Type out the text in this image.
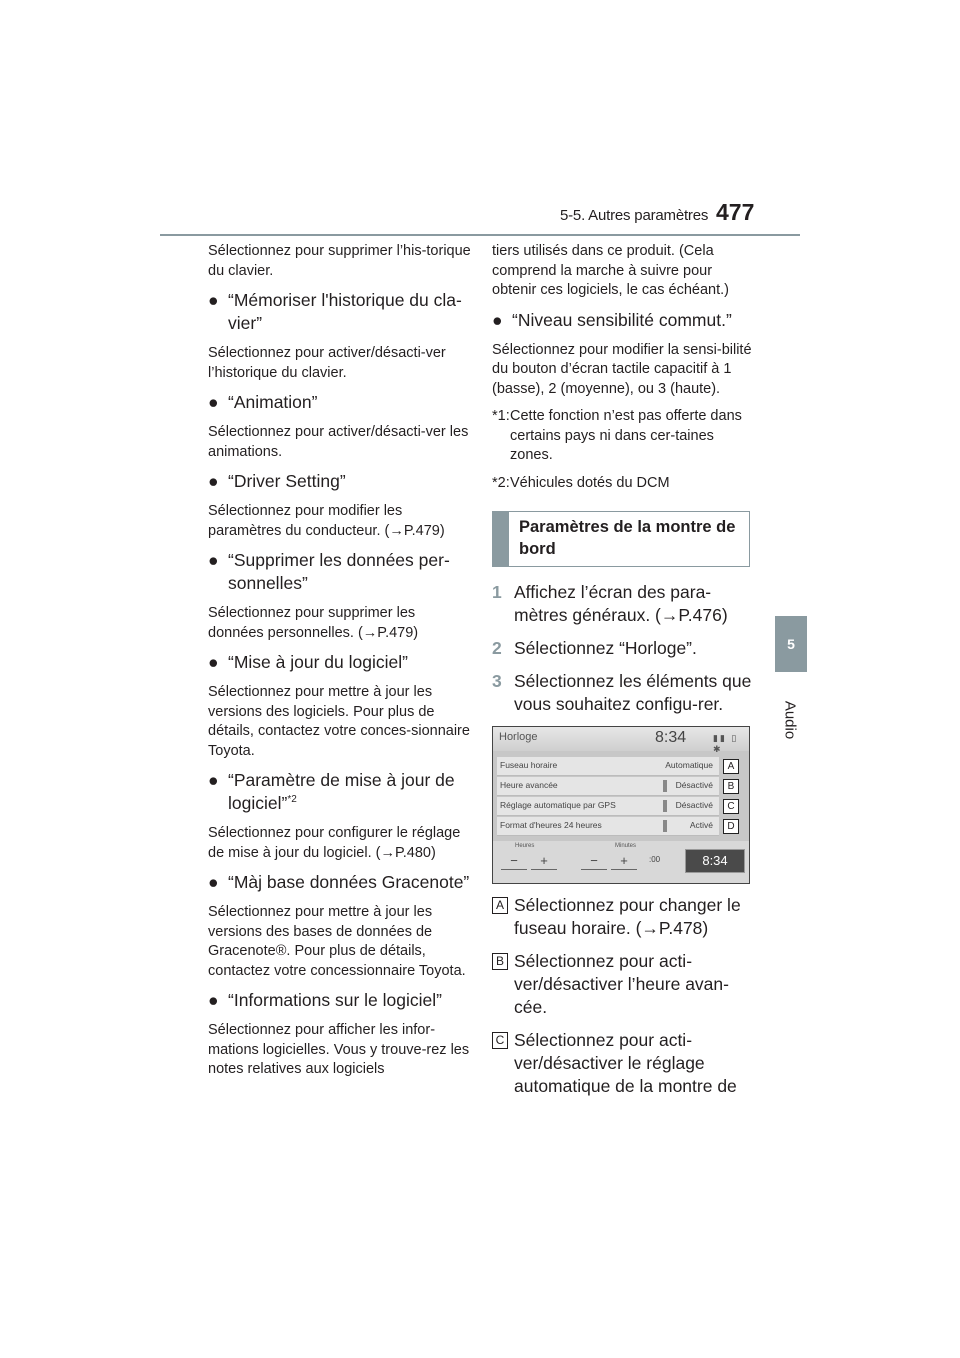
5-5. Autres paramètres 477
5
Audio

Sélectionnez pour supprimer l’his-torique du clavier.

● “Mémoriser l'historique du cla-vier”

Sélectionnez pour activer/désacti-ver l’historique du clavier.

● “Animation”

Sélectionnez pour activer/désacti-ver les animations.

● “Driver Setting”

Sélectionnez pour modifier les paramètres du conducteur. (→P.479)

● “Supprimer les données per-sonnelles”

Sélectionnez pour supprimer les données personnelles. (→P.479)

● “Mise à jour du logiciel”

Sélectionnez pour mettre à jour les versions des logiciels. Pour plus de détails, contactez votre conces-sionnaire Toyota.

● “Paramètre de mise à jour de logiciel”$^{*2}$

Sélectionnez pour configurer le réglage de mise à jour du logiciel. (→P.480)

● “Màj base données Gracenote”

Sélectionnez pour mettre à jour les versions des bases de données de Gracenote®. Pour plus de détails, contactez votre concessionnaire Toyota.

● “Informations sur le logiciel”

Sélectionnez pour afficher les infor-mations logicielles. Vous y trouve-rez les notes relatives aux logiciels

tiers utilisés dans ce produit. (Cela comprend la marche à suivre pour obtenir ces logiciels, le cas échéant.)

● “Niveau sensibilité commut.”

Sélectionnez pour modifier la sensi-bilité du bouton d’écran tactile capacitif à 1 (basse), 2 (moyenne), ou 3 (haute).

*1: Cette fonction n’est pas offerte dans certains pays ni dans cer-taines zones.

*2: Véhicules dotés du DCM

Paramètres de la montre de bord

1 Affichez l’écran des para-mètres généraux. (→P.476)

2 Sélectionnez “Horloge”.

3 Sélectionnez les éléments que vous souhaitez configu-rer.

Horloge	8:34	▮▮ ▯ ✱
Fuseau horaire	Automatique	A
Heure avancée	Désactivé	B
Réglage automatique par GPS	Désactivé	C
Format d'heures 24 heures	Activé	D
Heures	Minutes
−	+	−	+	:00	8:34

A Sélectionnez pour changer le fuseau horaire. (→P.478)

B Sélectionnez pour acti-ver/désactiver l’heure avan-cée.

C Sélectionnez pour acti-ver/désactiver le réglage automatique de la montre de
